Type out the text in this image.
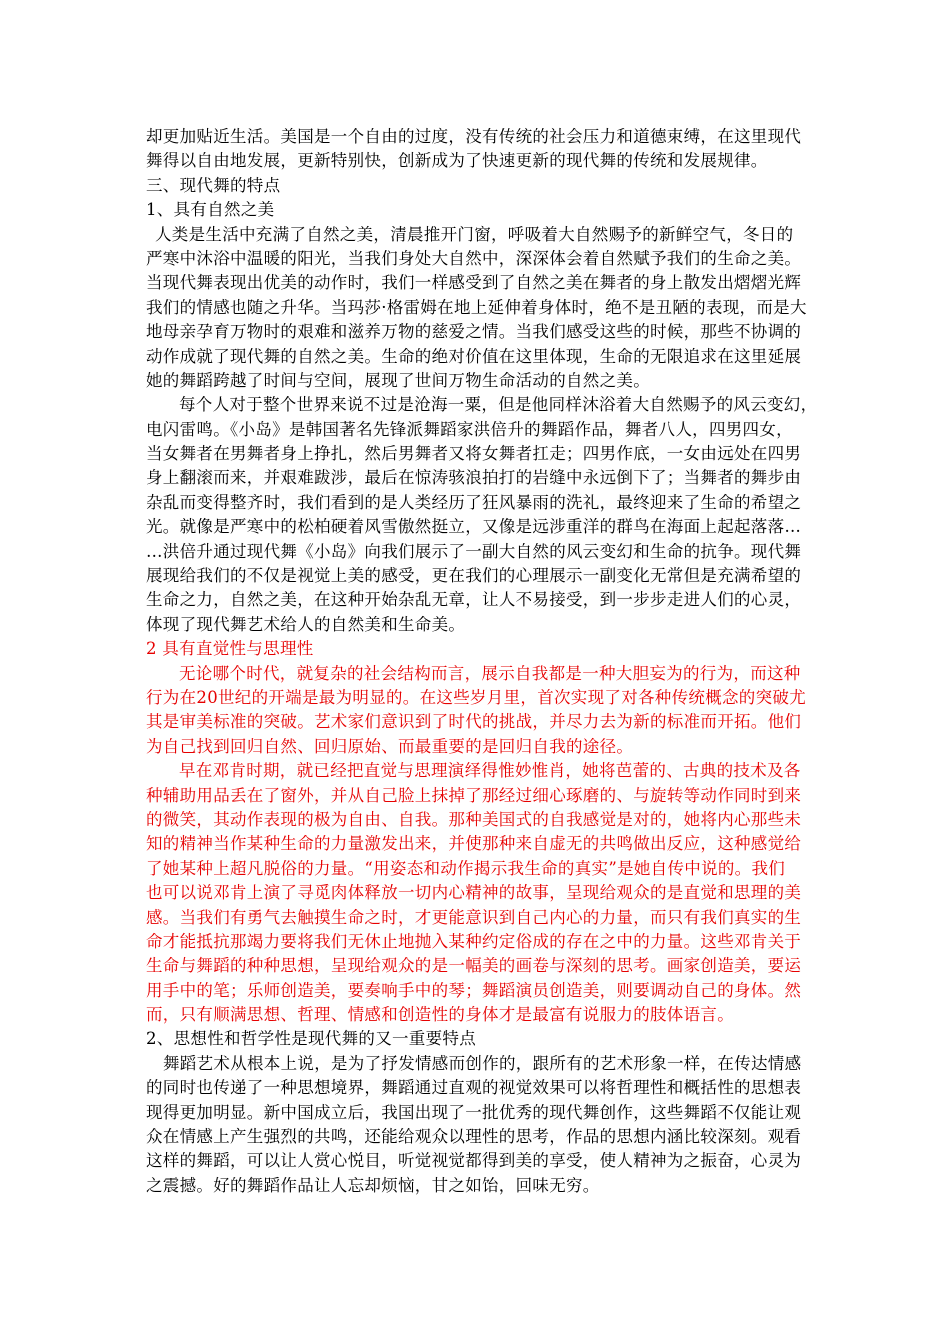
却更加贴近生活。美国是一个自由的过度，没有传统的社会压力和道德束缚，在这里现代
舞得以自由地发展，更新特别快，创新成为了快速更新的现代舞的传统和发展规律。
三、现代舞的特点
1、具有自然之美
人类是生活中充满了自然之美，清晨推开门窗，呼吸着大自然赐予的新鲜空气，冬日的
严寒中沐浴中温暖的阳光，当我们身处大自然中，深深体会着自然赋予我们的生命之美。
当现代舞表现出优美的动作时，我们一样感受到了自然之美在舞者的身上散发出熠熠光辉
我们的情感也随之升华。当玛莎·格雷姆在地上延伸着身体时，绝不是丑陋的表现，而是大
地母亲孕育万物时的艰难和滋养万物的慈爱之情。当我们感受这些的时候，那些不协调的
动作成就了现代舞的自然之美。生命的绝对价值在这里体现，生命的无限追求在这里延展
她的舞蹈跨越了时间与空间，展现了世间万物生命活动的自然之美。
每个人对于整个世界来说不过是沧海一粟，但是他同样沐浴着大自然赐予的风云变幻，
电闪雷鸣。《小岛》是韩国著名先锋派舞蹈家洪倍升的舞蹈作品，舞者八人，四男四女，
当女舞者在男舞者身上挣扎，然后男舞者又将女舞者扛走；四男作底，一女由远处在四男
身上翻滚而来，并艰难跋涉，最后在惊涛骇浪拍打的岩缝中永远倒下了；当舞者的舞步由
杂乱而变得整齐时，我们看到的是人类经历了狂风暴雨的洗礼，最终迎来了生命的希望之
光。就像是严寒中的松柏硬着风雪傲然挺立，又像是远涉重洋的群鸟在海面上起起落落…
…洪倍升通过现代舞《小岛》向我们展示了一副大自然的风云变幻和生命的抗争。现代舞
展现给我们的不仅是视觉上美的感受，更在我们的心理展示一副变化无常但是充满希望的
生命之力，自然之美，在这种开始杂乱无章，让人不易接受，到一步步走进人们的心灵，
体现了现代舞艺术给人的自然美和生命美。
2 具有直觉性与思理性
无论哪个时代，就复杂的社会结构而言，展示自我都是一种大胆妄为的行为，而这种
行为在20世纪的开端是最为明显的。在这些岁月里，首次实现了对各种传统概念的突破尤
其是审美标准的突破。艺术家们意识到了时代的挑战，并尽力去为新的标准而开拓。他们
为自己找到回归自然、回归原始、而最重要的是回归自我的途径。
早在邓肯时期，就已经把直觉与思理演绎得惟妙惟肖，她将芭蕾的、古典的技术及各
种辅助用品丢在了窗外，并从自己脸上抹掉了那经过细心琢磨的、与旋转等动作同时到来
的微笑，其动作表现的极为自由、自我。那种美国式的自我感觉是对的，她将内心那些未
知的精神当作某种生命的力量激发出来，并使那种来自虚无的共鸣做出反应，这种感觉给
了她某种上超凡脱俗的力量。“用姿态和动作揭示我生命的真实”是她自传中说的。我们
也可以说邓肯上演了寻觅肉体释放一切内心精神的故事，呈现给观众的是直觉和思理的美
感。当我们有勇气去触摸生命之时，才更能意识到自己内心的力量，而只有我们真实的生
命才能抵抗那竭力要将我们无休止地抛入某种约定俗成的存在之中的力量。这些邓肯关于
生命与舞蹈的种种思想，呈现给观众的是一幅美的画卷与深刻的思考。画家创造美，要运
用手中的笔；乐师创造美，要奏响手中的琴；舞蹈演员创造美，则要调动自己的身体。然
而，只有顺满思想、哲理、情感和创造性的身体才是最富有说服力的肢体语言。
2、思想性和哲学性是现代舞的又一重要特点
舞蹈艺术从根本上说，是为了抒发情感而创作的，跟所有的艺术形象一样，在传达情感
的同时也传递了一种思想境界，舞蹈通过直观的视觉效果可以将哲理性和概括性的思想表
现得更加明显。新中国成立后，我国出现了一批优秀的现代舞创作，这些舞蹈不仅能让观
众在情感上产生强烈的共鸣，还能给观众以理性的思考，作品的思想内涵比较深刻。观看
这样的舞蹈，可以让人赏心悦目，听觉视觉都得到美的享受，使人精神为之振奋，心灵为
之震撼。好的舞蹈作品让人忘却烦恼，甘之如饴，回味无穷。
